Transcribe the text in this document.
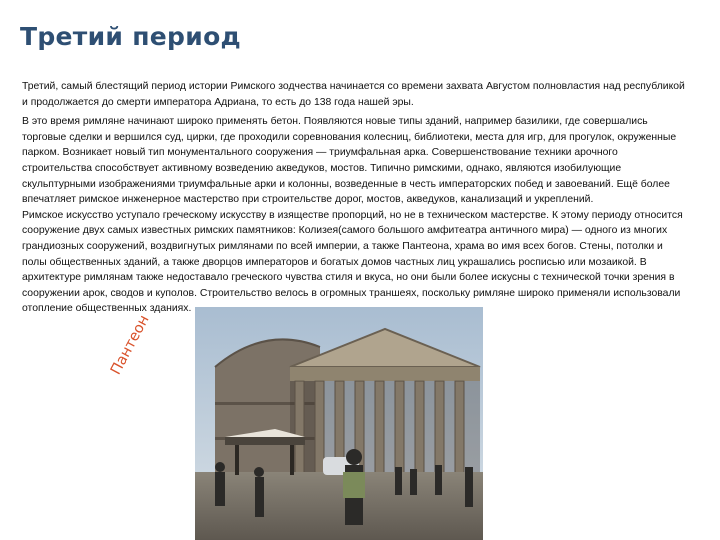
Третий период

Третий, самый блестящий период истории Римского зодчества начинается со времени захвата Августом полновластия над республикой и продолжается до смерти императора Адриана, то есть до 138 года нашей эры.

В это время римляне начинают широко применять бетон. Появляются новые типы зданий, например базилики, где совершались торговые сделки и вершился суд, цирки, где проходили соревнования колесниц, библиотеки, места для игр, для прогулок, окруженные парком. Возникает новый тип монументального сооружения — триумфальная арка. Совершенствование техники арочного строительства способствует активному возведению акведуков, мостов. Типично римскими, однако, являются изобилующие скульптурными изображениями триумфальные арки и колонны, возведенные в честь императорских побед и завоеваний. Ещё более впечатляет римское инженерное мастерство при строительстве дорог, мостов, акведуков, канализаций и укреплений.

Римское искусство уступало греческому искусству в изяществе пропорций, но не в техническом мастерстве. К этому периоду относится сооружение двух самых известных римских памятников: Колизея(самого большого амфитеатра античного мира) — одного из многих грандиозных сооружений, воздвигнутых римлянами по всей империи, а также Пантеона, храма во имя всех богов. Стены, потолки и полы общественных зданий, а также дворцов императоров и богатых домов частных лиц украшались росписью или мозаикой. В архитектуре римлянам также недоставало греческого чувства стиля и вкуса, но они были более искусны с технической точки зрения в сооружении арок, сводов и куполов. Строительство велось в огромных траншеях, поскольку римляне широко применяли использовали отопление общественных зданиях.

Пантеон
